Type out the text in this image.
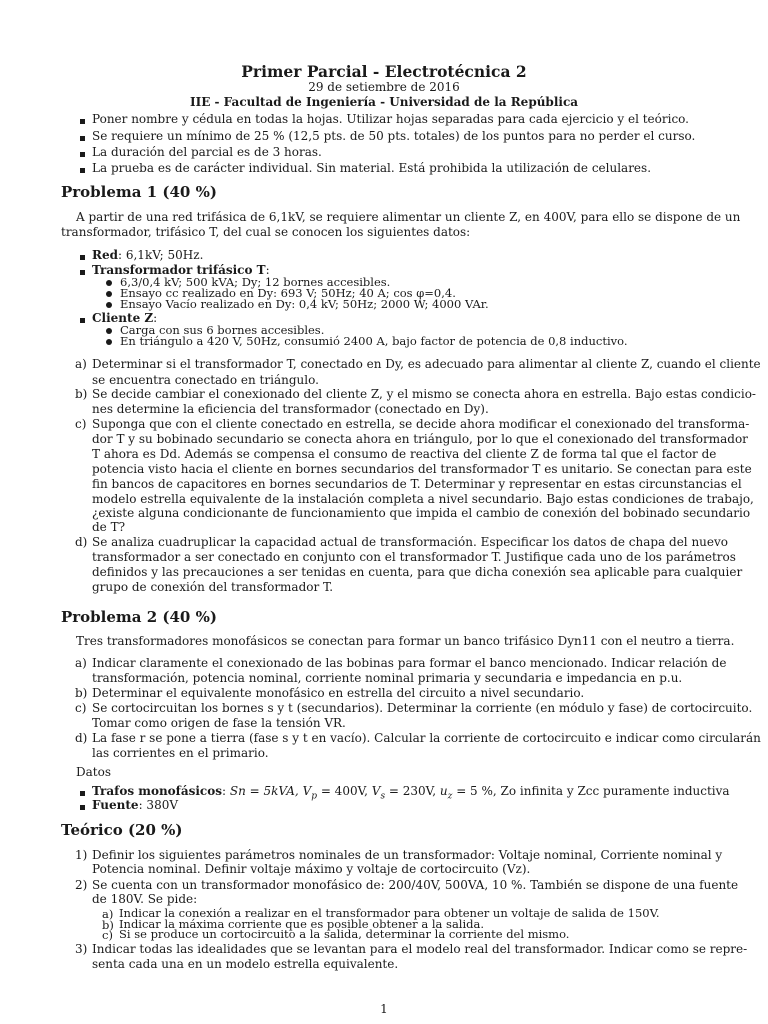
Primer Parcial - Electrotécnica 2
29 de setiembre de 2016
IIE - Facultad de Ingeniería - Universidad de la República
Poner nombre y cédula en todas la hojas. Utilizar hojas separadas para cada ejercicio y el teórico.
Se requiere un mínimo de 25 % (12,5 pts. de 50 pts. totales) de los puntos para no perder el curso.
La duración del parcial es de 3 horas.
La prueba es de carácter individual. Sin material. Está prohibida la utilización de celulares.
Problema 1 (40 %)
A partir de una red trifásica de 6,1kV, se requiere alimentar un cliente Z, en 400V, para ello se dispone de un
transformador, trifásico T, del cual se conocen los siguientes datos:
Red: 6,1kV; 50Hz.
Transformador trifásico T:
6,3/0,4 kV; 500 kVA; Dy; 12 bornes accesibles.
Ensayo cc realizado en Dy: 693 V; 50Hz; 40 A; cos φ=0,4.
Ensayo Vacío realizado en Dy: 0,4 kV; 50Hz; 2000 W; 4000 VAr.
Cliente Z:
Carga con sus 6 bornes accesibles.
En triángulo a 420 V, 50Hz, consumió 2400 A, bajo factor de potencia de 0,8 inductivo.
a) Determinar si el transformador T, conectado en Dy, es adecuado para alimentar al cliente Z, cuando el cliente
se encuentra conectado en triángulo.
b) Se decide cambiar el conexionado del cliente Z, y el mismo se conecta ahora en estrella. Bajo estas condicio-
nes determine la eficiencia del transformador (conectado en Dy).
c) Suponga que con el cliente conectado en estrella, se decide ahora modificar el conexionado del transforma-
dor T y su bobinado secundario se conecta ahora en triángulo, por lo que el conexionado del transformador
T ahora es Dd. Además se compensa el consumo de reactiva del cliente Z de forma tal que el factor de
potencia visto hacia el cliente en bornes secundarios del transformador T es unitario. Se conectan para este
fin bancos de capacitores en bornes secundarios de T. Determinar y representar en estas circunstancias el
modelo estrella equivalente de la instalación completa a nivel secundario. Bajo estas condiciones de trabajo,
¿existe alguna condicionante de funcionamiento que impida el cambio de conexión del bobinado secundario
de T?
d) Se analiza cuadruplicar la capacidad actual de transformación. Especificar los datos de chapa del nuevo
transformador a ser conectado en conjunto con el transformador T. Justifique cada uno de los parámetros
definidos y las precauciones a ser tenidas en cuenta, para que dicha conexión sea aplicable para cualquier
grupo de conexión del transformador T.
Problema 2 (40 %)
Tres transformadores monofásicos se conectan para formar un banco trifásico Dyn11 con el neutro a tierra.
a) Indicar claramente el conexionado de las bobinas para formar el banco mencionado. Indicar relación de
transformación, potencia nominal, corriente nominal primaria y secundaria e impedancia en p.u.
b) Determinar el equivalente monofásico en estrella del circuito a nivel secundario.
c) Se cortocircuitan los bornes s y t (secundarios). Determinar la corriente (en módulo y fase) de cortocircuito.
Tomar como origen de fase la tensión VR.
d) La fase r se pone a tierra (fase s y t en vacío). Calcular la corriente de cortocircuito e indicar como circularán
las corrientes en el primario.
Datos
Trafos monofásicos: Sn = 5kVA, $V_p = 400V$, $V_s = 230V$, $u_z = 5$ %, Zo infinita y Zcc puramente inductiva
Fuente: 380V
Teórico (20 %)
1) Definir los siguientes parámetros nominales de un transformador: Voltaje nominal, Corriente nominal y
Potencia nominal. Definir voltaje máximo y voltaje de cortocircuito (Vz).
2) Se cuenta con un transformador monofásico de: 200/40V, 500VA, 10 %. También se dispone de una fuente
de 180V. Se pide:
a) Indicar la conexión a realizar en el transformador para obtener un voltaje de salida de 150V.
b) Indicar la máxima corriente que es posible obtener a la salida.
c) Si se produce un cortocircuito a la salida, determinar la corriente del mismo.
3) Indicar todas las idealidades que se levantan para el modelo real del transformador. Indicar como se repre-
senta cada una en un modelo estrella equivalente.
1
